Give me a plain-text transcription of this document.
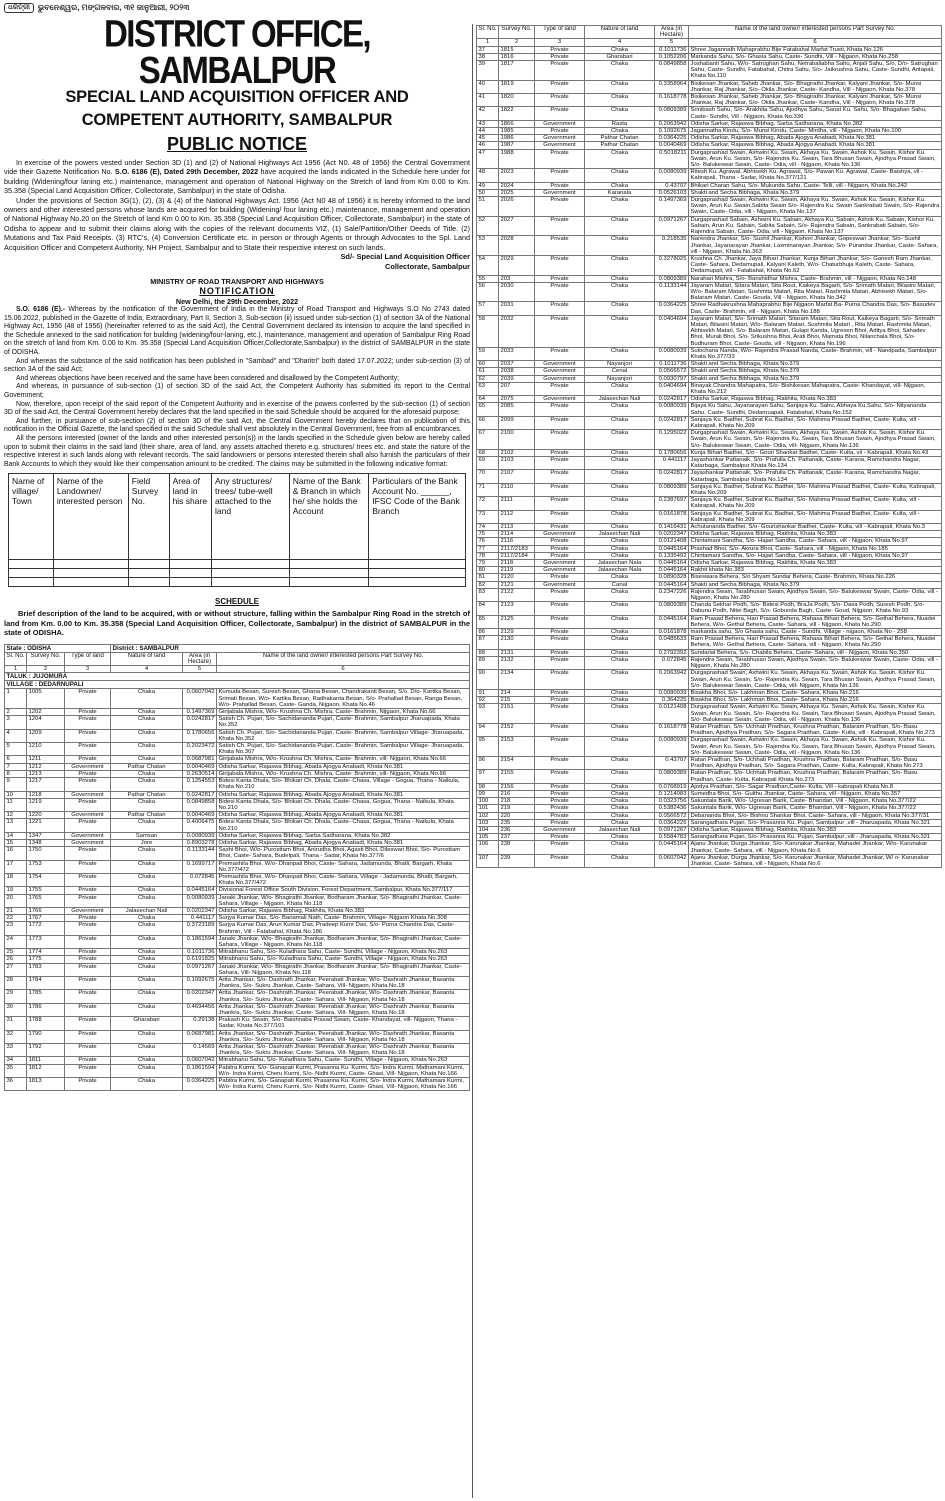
ଧରିତ୍ରୀ	ଭୁବନେଶ୍ୱର, ମଙ୍ଗଳବାର, ୩୧ ଜାନୁଆରୀ, ୨୦୨୩
DISTRICT OFFICE, SAMBALPUR
SPECIAL LAND ACQUISITION OFFICER AND
COMPETENT AUTHORITY, SAMBALPUR
PUBLIC NOTICE

In exercise of the powers vested under Section 3D (1) and (2) of National Highways Act 1956 (Act N0. 48 of 1956) the Central Government vide their Gazette Notification No. S.O. 6186 (E), Dated 29th December, 2022 have acquired the lands indicated in the Schedule here under for building (Widening/four laning etc.) maintenance, management and operation of National Highway on the Stretch of land from Km 0.00 to Km. 35.358 (Special Land Acquisition Officer, Collectorate, Sambalpur) in the state of Odisha.

Under the provisions of Section 3G(1), (2), (3) & (4) of the National Highways Act. 1956 (Act N0 48 of 1956) it is hereby informed to the land owners and other interested persons whose lands are acquired for building (Widening/ four laning etc.) maintenance, management and operation of National Highway No.20 on the Stretch of land Km 0.00 to Km. 35.358 (Special Land Acquisition Officer, Collectorate, Sambalpur) in the state of Odisha to appear and to submit their claims along with the copies of the relevant documents VIZ, (1) Sale/Partition/Other Deeds of Title. (2) Mutations and Tax Paid Receipts. (3) RTC's, (4) Conversion Certificate etc. in person or through Agents or through Advocates to the Spl. Land Acquisition Officer and Competent Authority, NH Project, Sambalpur and to State their respective interest on such lands.

Sd/- Special Land Acquisition Officer
Collectorate, Sambalpur
MINISTRY OF ROAD TRANSPORT AND HIGHWAYS
NOTIFICATION
New Delhi, the 29th December, 2022

S.O. 6186 (E).- Whereas by the notification of the Government of India in the Ministry of Road Transport and Highways S.O No 2743 dated 15.06.2022, published in the Gazette of India, Extraordinary, Part II, Section 3, Sub-section (ii) issued under sub-section (1) of section 3A of the National Highway Act, 1956 (48 of 1956) (hereinafter referred to as the said Act), the Central Government declared its intension to acquire the land specified in the Schedule annexed to the said notification for building (widening/four-laning, etc.), maintenance, management and operation of Sambalpur Ring Road on the stretch of land from Km. 0.00 to Km. 35.358 (Special Land Acquisition Officer,Collectorate,Sambalpur) in the district of SAMBALPUR in the state of ODISHA.

And whereas the substance of the said notification has been published in "Sambad" and "Dharitri" both dated 17.07.2022; under sub-section (3) of section 3A of the said Act;

And whereas objections have been received and the same have been considered and disallowed by the Competent Authority;

And whereas, in pursuance of sub-section (1) of section 3D of the said Act, the Competent Authority has submitted its report to the Central Government;

Now, therefore, upon receipt of the said report of the Competent Authority and in exercise of the powers conferred by the sub-section (1) of section 3D of the said Act, the Central Government hereby declares that the land specified in the said Schedule should be acquired for the aforesaid purpose;

And further, in pursuance of sub-section (2) of section 3D of the said Act, the Central Government hereby declares that on publication of this notification in the Official Gazette, the land specified in the said Schedule shall vest absolutely in the Central Government, free from all encumbrances.

All the persons interested (owner of the lands and other interested person(s)) in the lands specified in the Schedule given below are hereby called upon to submit their claims in the said land (their share, area of land, any assets attached thereto e.g. structures/ trees etc. and state the nature of the respective interest in such lands along with relevant records. The said landowners or persons interested therein shall also furnish the particulars of their Bank Accounts to which they would like their compensation amount to be credited. The claims may be submitted in the following indicative format:

Name of village/ Town	Name of the Landowner/ interested person	Field Survey No.	Area of land in his share	Any structures/ trees/ tube-well attached to the land	Name of the Bank & Branch in which he/ she holds the Account	Particulars of the Bank Account No. ______, IFSC Code of the Bank Branch

SCHEDULE

Brief description of the land to be acquired, with or without structure, falling within the Sambalpur Ring Road in the stretch of land from Km. 0.00 to Km. 35.358 (Special Land Acquisition Officer, Collectorate, Sambalpur) in the district of SAMBALPUR in the state of ODISHA.

State : ODISHA			District : SAMBALPUR		
Sl. No.	Survey No.	Type of land	Nature of land	Area (in Hectare)	Name of the land owner/ interested persons Part Survey No.
1	2	3	4	5	6
TALUK : JUJOMURA					
VILLAGE : DEDARNUPALI					
1	1005	Private	Chaka	0.0607042	Kumuda Besan, Suresh Besan, Ghana Besan, Chandrakanti Besan, S/o. D/o- Kartika Besan, Srimati Besan, W/o- Kartika Besan, Radhakanta Besan, S/o- Prahallad Besan, Ranga Besan, W/o- Prahallad Besan, Caste- Ganda, Nijgaon, Khata No.46
2	1202	Private	Chaka	0.1497369	Girijabala Mishra, W/o- Krushna Ch. Mishra, Caste- Brahmin, Nijgaon, Khata No.66
3	1204	Private	Chaka	0.0242817	Satish Ch. Pujari, S/o- Sachidananda Pujari, Caste- Brahmin, Sambalpur Jharuapada, Khata No.352
4	1209	Private	Chaka	0.1780656	Satish Ch. Pujari, S/o- Sachidananda Pujari, Caste- Brahmin, Sambalpur Village- Jharuapada, Khata No.352
5	1210	Private	Chaka	0.2023472	Satish Ch. Pujari, S/o- Sachidananda Pujari, Caste- Brahmin, Sambalpur Village- Jharuapada, Khata No.307
6	1211	Private	Chaka	0.0687981	Girijabala Mishra, W/o- Krushna Ch. Mishra, Caste- Brahmin, vill- Nijgaon, Khata No.66
7	1212	Government	Pathar Chatan	0.0040469	Odisha Sarkar, Rajaswa Bibhag, Abada Ajogya Anabadi, Khata No.381
8	1213	Private	Chaka	0.2630514	Girijabala Mishra, W/o- Krushna Ch. Mishra, Caste- Brahmin, vill- Nijgaon, Khata No.66
9	1217	Private	Chaka	0.1254553	Bidesi Kanta Dhala, S/o- Bhikari Ch. Dhala, Caste- Chasa, Village - Gogua, Thana - Naikula, Khata No.210
10	1218	Government	Pathar Chatan	0.0242817	Odisha Sarkar, Rajaswa Bibhag, Abada Ajogya Anabadi, Khata No.381
11	1219	Private	Chaka	0.0849858	Bidesi Kanta Dhala, S/o- Bhikari Ch. Dhala, Caste- Chasa, Gogua, Thana - Naikula, Khata No.210
12	1220	Government	Pathar Chatan	0.0040469	Odisha Sarkar, Rajaswa Bibhag, Abada Ajogya Anabadi, Khata No.381
13	1221	Private	Chaka	0.4006475	Bidesi Kanta Dhala, S/o- Bhikari Ch. Dhala, Caste- Chasa, Gogua, Thana - Naikula, Khata No.210
14	1347	Government	Samsan	0.0080939	Odisha Sarkar, Rajaswa Bibhag, Sarba Sadharana, Khata No.382
15	1348	Government	Jore	0.8903278	Odisha Sarkar, Rajaswa Bibhag, Abada Ajogya Anabadi, Khata No.381
16	1750	Private	Chaka	0.1133144	Sashi Bhoi, W/o- Purosttam Bhoi, Anirudha Bhoi, Agasti Bhoi, Dileswari Bhoi, S/o- Purosttam Bhoi, Caste- Sahara, Budelpali, Thana - Sadar, Khata No.377/6
17	1753	Private	Chaka	0.1699717	Premashila Bhoi, W/o- Dhanpati Bhoi, Caste- Sahara, Jadamunda, Bhatli, Bargarh, Khata No.377/472
18	1754	Private	Chaka	0.072845	Premashila Bhoi, W/o- Dhanpati Bhoi, Caste- Sahara, Village - Jadamunda, Bhatli, Bargarh, Khata No.377/472
19	1755	Private	Chaka	0.0445164	Divisional Forest Office South Division, Forest Department, Sambalpur, Khata No.377/117
20	1765	Private	Chaka	0.0080939	Janaki Jhankar, W/o- Bhagirathi Jhankar, Bodharam Jhankar, S/o- Bhagirathi Jhankar, Caste- Sahara, Village - Nijgaon, Khata No.118
21	1766	Government	Jalasechan Nali	0.0202347	Odisha Sarkar, Rajaswa Bibhag, Rakhita, Khata No.383
22	1767	Private	Chaka	0.441117	Surjya Kumar Das, S/o- Banamali Nath, Caste- Brahmin, Village- Nijgaon Khata No.308
23	1772	Private	Chaka	0.3723189	Surjya Kumar Das, Arun Kumar Das, Pradeep Kumr Das, S/o- Purna Chandra Das, Caste- Brahmin, Vill - Fatabahal, Khata No.186
24	1773	Private	Chaka	0.1861594	Janaki Jhankar, W/o- Bhagirathi Jhankar, Bodharam Jhankar, S/o- Bhagirathi Jhankar, Caste- Sahara, Village - Nijgaon, Khata No.118
25	1774	Private	Chaka	0.1011736	Mitrabhanu Sahu, S/o- Kuladhara Sahu, Caste- Sundhi, Village - Nijgaon, Khata No.263
26	1775	Private	Chaka	0.6191825	Mitrabhanu Sahu, S/o- Kuladhara Sahu, Caste- Sundhi, Village - Nijgaon, Khata No.263
27	1783	Private	Chaka	0.0971267	Janaki Jhankar, W/o- Bhagirathi Jhankar, Bodharam Jhankar, S/o- Bhagirathi Jhankar, Caste- Sahara, Vill- Nijgaon, Khata No.118
28	1784	Private	Chaka	0.1092675	Artta Jhankar, S/o- Dashrath Jhankar, Peerabati Jhankar, W/o- Dashrath Jhankar, Basanta Jhankra, S/o- Sukru Jhankar, Caste- Sahara, Vill- Nijgaon, Khata No.18
29	1785	Private	Chaka	0.0202347	Artta Jhankar, S/o- Dashrath Jhankar, Peerabati Jhankar, W/o- Dashrath Jhankar, Basanta Jhankra, S/o- Sukru Jhankar, Caste- Sahara, Vill- Nijgaon, Khata No.18
30	1786	Private	Chaka	0.4694456	Artta Jhankar, S/o- Dashrath Jhankar, Peerabati Jhankar, W/o- Dashrath Jhankar, Basanta Jhankra, S/o- Sukru Jhankar, Caste- Sahara, Vill- Nijgaon, Khata No.18
31	1788	Private	Gharabari	0.29138	Prakash Ku. Swain, S/o- Baishnaba Prasad Swain, Caste- Khandayat, vill- Nijgaon, Thana - Sadar, Khata No.377/101
32	1790	Private	Chaka	0.0687981	Artta Jhankar, S/o- Dashrath Jhankar, Peerabati Jhankar, W/o- Dashrath Jhankar, Basanta Jhankra, S/o- Sukru Jhankar, Caste- Sahara, Vill- Nijgaon, Khata No.18
33	1792	Private	Chaka	0.14569	Artta Jhankar, S/o- Dashrath Jhankar, Peerabati Jhankar, W/o- Dashrath Jhankar, Basanta Jhankra, S/o- Sukru Jhankar, Caste- Sahara, Vill- Nijgaon, Khata No.18
34	1811	Private	Chaka	0.0607042	Mitrabhanu Sahu, S/o- Kuladhara Sahu, Caste- Sundhi, Village - Nijgaon, Khata No.263
35	1812	Private	Chaka	0.1861594	Pabitra Kurmi, S/o- Ganapati Kurmi, Prasanna Ku. Kurmi, S/o- Indra Kurmi, Mathamani Kurmi, W/o- Indra Kurmi, Cheru Kurmi, S/o- Nidhi Kurmi, Caste- Ghasi, Vill- Nijgaon, Khata No.166
36	1813	Private	Chaka	0.0364225	Pabitra Kurmi, S/o- Ganapati Kurmi, Prasanna Ku. Kurmi, S/o- Indra Kurmi, Mathamani Kurmi, W/o- Indra Kurmi, Cheru Kurmi, S/o- Nidhi Kurmi, Caste- Ghasi, Vill- Nijgaon, Khata No.166
Sl. No.	Survey No.	Type of land	Nature of land	Area (in Hectare)	Name of the land owner/ interested persons Part Survey No.
1	2	3	4	5	6
37	1815	Private	Chaka	0.1011736	Shree Jagannath Mahaprabhu Bije Fatabahal Marfat Trusti, Khata No.126
38	1816	Private	Gharabari	0.1052206	Markanda Sahu, S/o- Ghasia Sahu, Caste- Sundhi, Vill - Nijgaon, Khata No.258
39	1817	Private	Chaka	0.0849858	Joshabanti Sahu, W/o- Satrughan Sahu, Netrabaliabha Sahu, Anjali Sahu, S/o, D/o- Satrughan Sahu, Caste- Sundhi, Fatabahal, Chitra Sahu, S/o- Jaikrushna Sahu, Caste- Sundhi, Antapali, Khata No.110
40	1819	Private	Chaka	0.3358964	Bisikesan Jhankar, Saheb Jhankar, S/o- Bhagirathi Jhankar, Kalyani Jhankar, S/o- Munsi Jhankar, Raj Jhankar, S/o- Okila Jhankar, Caste- Kandha, Vill - Nijgaon, Khata No.378
41	1820	Private	Chaka	0.1618778	Bisikesan Jhankar, Saheb Jhankar, S/o- Bhagirathi Jhankar, Kalyani Jhankar, S/o- Munsi Jhankar, Raj Jhankar, S/o- Okila Jhankar, Caste- Kandha, Vill - Nijgaon, Khata No.378
42	1822	Private	Chaka	0.0809389	Srinibash Sahu, S/o- Arakhita Sahu, Ajodhya Sahu, Sanat Ku. Sahu, S/o- Bhagaban Sahu, Caste- Sundhi, Vill - Nijgaon, Khata No.336
43	1866	Government	Rasta	0.2063942	Odisha Sarkar, Rajaswa Bibhag, Sarba Sadharana, Khata No.382
44	1985	Private	Chaka	0.1092675	Jagannatha Kindu, S/o- Munsi Kindu, Caste- Mirdha, vill - Nijgaon, Khata No.100
45	1986	Government	Pathar Chatan	0.0364225	Odisha Sarkar, Rajaswa Bibhag, Abada Ajogya Anabadi, Khata No.381
46	1987	Government	Pathar Chatan	0.0040469	Odisha Sarkar, Rajaswa Bibhag, Abada Ajogya Anabadi, Khata No.381
47	1988	Private	Chaka	0.5018211	Durgaprashad Swain, Ashwini Ku. Swain, Akhaya Ku. Swain, Ashok Ku. Swain, Kishor Ku. Swain, Arun Ku. Swain, S/o- Rajendra Ku. Swain, Tara Bhusan Swain, Ajodhya Prasad Swain, S/o- Balukeswar Swain, Caste- Odia, vill - Nijgaon, Khata No.136
48	2023	Private	Chaka	0.0080939	Ritesh Ku. Agrawal, Abhisekh Ku. Agrawal, S/o- Pawan Ku. Agrawal, Caste- Baishya, vil - Kabrapali, Thana - Sadar, Khata No.377/121
49	2024	Private	Chaka	0.43707	Bhikari Charan Sahu, S/o- Mukunda Sahu, Caste- Telli, vill - Nijgaon, Khata No.242
50	2025	Government	Karanala	0.0526103	Shakti and Secha Bibhaga, Khata No.379
51	2026	Private	Chaka	0.1497369	Durgaprashad Swain, Ashwini Ku. Swain, Akhaya Ku. Swain, Ashok Ku. Swain, Kishor Ku. Swain, Arun Ku. Swain,Sabita Swain S/o- Rajendra Ku. Swain Sankrabati Swain, S/o- Rajendra Swain, Caste- Odia, vill - Nijgaon, Khata No.137
52	2027	Private	Chaka	0.0971267	Durgaprashad Sabain, Ashwini Ku. Sabain, Akhaya Ku. Sabain, Ashok Ku. Sabain, Kishor Ku. Sabain, Arun Ku. Sabain, Sabita Sabain, S/o- Rajendra Sabain, Sankrabati Sabain, S/o- Rajendra Sabain, Caste- Odia, vill - Nijgaon, Khata No.137
53	2028	Private	Chaka	0.218535	Narendra Jhankar, S/o- Sushil Jhankar, Kishori Jhankar, Gopeswari Jhankar, S/o- Sushil Jhankar, Jayanarayan Jhankar, Laxminarayan Jhankar, S/o- Purandar Jhankar, Caste- Sahara, vill - Nijgaon, Khata No.363
54	2029	Private	Chaka	0.3278025	Krushna Ch. Jhankar, Jaya Bihari Jhankar, Kunja Bihari Jhankar, S/o- Ganesh Ram Jhankar, Caste- Sahara, Dedamupali, Kalyani Kaleth, W/o- Chaturbhuja Kaleth, Caste- Sahara, Dedamupali, vill - Fatabahal, Khata No.62
55	203	Private	Chaka	0.0809389	Narahari Mishra, S/o- Banshidhar Mishra, Caste- Brahmin, vill - Nijgaon, Khata No.148
56	2030	Private	Chaka	0.1133144	Jayaram Matari, Sitara Matari, Sita Rout, Kaikeya Bagarti, S/o- Srimath Matari, Bilasini Matari, W/o- Balaram Matari, Sushmita Matari, Rita Matari, Rashmita Matari, Abhisekh Matari, S/o- Balaram Matari, Caste- Gouda, Vill - Nijgaon, Khata No.342
57	2031	Private	Chaka	0.0364225	Shree Radhakrushna Mahaprabhu Bije Nijgaon Marfat Ba- Purna Chandra Das, S/o- Basudev Das, Caste- Brahmin, vill - Nijgaon, Khata No.188
58	2032	Private	Chaka	0.0404694	Jayaram Matari, S/o- Srimath Matari, Sitaram Matari, Sita Rout, Kaikeya Bagarti, S/o- Srimath Matari, Bilasini Matari, W/o- Balaram Matari, Sushmita Matari , Rita Matari, Rashmita Matari, Abhisekh Matari, S/o- Balaram Matari, Gulapi Kanda, Ugresen Bhoi, Aditya Bhoi, Sahadev Bhoi, Murali Bhoi, S/o- Srikushna Bhoi, Arati Bhoi, Mamata Bhoi, Nilanchala Bhoi, S/o- Budhuram Bhoi, Caste- Gouda, vill - Nijgaon, Khata No.196
59	2033	Private	Chaka	0.0080939	Sulochana Nanda, W/o- Rajendra Prasad Nanda, Caste- Brahmin, vill - Nandpada, Sambalpur Khata No.377/33
60	2037	Government	Nayanjori	0.1011736	Shakti and Secha Bibhaga, Khata No.379
61	2038	Government	Cenal	0.0566572	Shakti and Secha Bibhaga, Khata No.379
62	2039	Government	Nayanjori	0.0930797	Shakti and Secha Bibhaga, Khata No.379
63	207	Private	Chaka	0.0404694	Binayak Chandra Mahapatra, S/o- Bishikesan Mahapatra, Caste- Khandayat, vill- Nijgaon, Khata No.212
64	2075	Government	Jalasechan Nali	0.0242817	Odisha Sarkar, Rajaswa Bibhag, Rakhita, Khata No.383
65	2085	Private	Chaka	0.0080939	Bijaya Ku Sahu, Jayanarayan Sahu, Sanjaya Ku. Sahu, Abhaya Ku.Sahu, S/o- Nityananda Sahu, Caste- Sundhi, Dedarnuapali, Fatabahal, Khata No.152
66	2099	Private	Chaka	0.0242817	Sanjaya Ku. Badhei, Subrat Ku. Badhei, S/o- Mahima Prasad Badhei, Caste- Kulta, vill - Kabrapali, Khata No.209
67	2100	Private	Chaka	0.1295022	Durgaprashad Swain, Ashwini Ku. Swain, Akhaya Ku. Swain, Ashok Ku. Swain, Kishor Ku. Swain, Arun Ku. Swain, S/o- Rajendra Ku. Swain, Tara Bhusan Swain, Ajodhya Prasad Swain, S/o- Balukeswar Swain, Caste- Odia, vill- Nijgaon, Khata No.136
68	2102	Private	Chaka	0.1780656	Kunja Bihari Badhei, S/o - Gouri Shankar Badhei, Caste- Kulta, vil - Kabrapali, Khata No.43
69	2103	Private	Chaka	0.441117	Jayashankar Pattanaik, S/o- Prafulla Ch. Pattanaik, Caste- Karana, Ramchandra Nagar, Katarbaga, Sambalpur Khata No.134
70	2107	Private	Chaka	0.0242817	Jayashankar Pattanaik, S/o- Prafulla Ch. Pattanaik, Caste- Karana, Ramchandra Nagar, Katarbaga, Sambalpur Khata No.134
71	2110	Private	Chaka	0.0809389	Sanjaya Ku. Badhei, Subrat Ku. Badhei, S/o- Mahima Prasad Badhei, Caste- Kulta, Kabrapali, Khata No.209
72	2111	Private	Chaka	0.2387697	Sanjaya Ku. Badhei, Subrat Ku. Badhei, S/o- Mahima Prasad Badhei, Caste- Kulta, vill - Kabrapali, Khata No.209
73	2112	Private	Chaka	0.0161878	Sanjaya Ku. Badhei, Subrat Ku. Badhei, S/o- Mahima Prasad Badhei, Caste- Kulta, vill - Kabrapali, Khata No.209
74	2113	Private	Chaka	0.1416431	Achutananda Badhei, S/o- Gourishankar Badhei, Caste- Kulta, vill - Kabrapali, Khata No.3
75	2114	Government	Jalasechan Nali	0.0202347	Odisha Sarkar, Rajaswa Bibhag, Rakhita, Khata No.383
76	2116	Private	Chaka	0.0121408	Chintamani Sandha, S/o- Hajari Sandha, Caste- Sahara, vill - Nijgaon, Khata No.97
77	2117/2183	Private	Chaka	0.0445164	Prashad Bhoi, S/o- Akrura Bhoi, Caste- Sahara, vill - Nijgaon, Khata No.185
78	2117/2184	Private	Chaka	0.1335492	Chintamani Sandha, S/o- Hajari Sandha, Caste- Sahara, vill - Nijgaon, Khata No.97
79	2118	Government	Jalasechan Nala	0.0445164	Odisha Sarkar, Rajaswa Bibhag, Rakhita, Khata No.383
80	2119	Government	Jalasechan Nala	0.0445164	Rakhit khata No.383
81	2120	Private	Chaka	0.0890328	Biseswara Behera, S/o Shyam Sundar Behera, Caste- Brahmin, Khata No.226
82	2121	Government	Canal	0.0445164	Shakti and Secha Bibhaga, Khata No.379
83	2122	Private	Chaka	0.2347226	Rajendra Swain, Tarabhusan Swain, Ajodhya Swain, S/o- Balukeswar Swain, Caste- Odia, vill - Nijgaon, Khata No.280
84	2123	Private	Chaka	0.0809389	Chanda Sekhar Podh, S/o- Bidesi Podh, BraJa Podh, S/o- Dasa Podh, Suresh Podh, S/o- Dabunu Podh, Nitei Bagh, S/o- Gobunda Bagh, Caste- Goud, Nijgaon, Khata No.93
85	2125	Private	Chaka	0.0445164	Ram Prasad Behera, Hari Prasad Behera, Rahasa Bihari Behera, S/o- Gethal Behera, Nuadei Behera, W/o- Gethal Behera, Caste- Sahara, vill - Nijgaon, Khata No.290
86	2129	Private	Chaka	0.0161878	markanda sahu, S/o Ghasia sahu, Caste - Sundhi, Village - nigaon, Khata No - 258
87	2130	Private	Chaka	0.0485633	Ram Prasad Behera, Hari Prasad Behera, Rahasa Bihari Behera, S/o- Gethal Behera, Nuadei Behera, W/o- Gethal Behera, Caste- Sahara, vill - Nijgaon, Khata No.290
88	2131	Private	Chaka	0.2792392	Sundarlal Behera, S/o- Chabila Behera, Caste- Sahara, vill - Nijgaon, Khata No.350
89	2132	Private	Chaka	0.072845	Rajendra Swain, Tarabhusan Swain, Ajodhya Swain, S/o- Balukeswar Swain, Caste- Odia, vill - Nijgaon, Khata No.280
90	2134	Private	Chaka	0.2063942	Durgaprashad Swain, Ashwini Ku. Swain, Akhaya Ku. Swain, Ashok Ku. Swain, Kishor Ku. Swain, Arun Ku. Swain, S/o- Rajendra Ku. Swain, Tara Bhusan Swain, Ajodhya Prasad Swain, S/o- Balukeswar Swain, Caste- Odia, vill- Nijgaon, Khata No.136
91	214	Private	Chaka	0.0080939	Bisakha Bhoi, S/o- Lakhman Bhoi, Caste- Sahara, Khata No.216
92	215	Private	Chaka	0.364225	Bisakha Bhoi, S/o- Lakhman Bhoi, Caste- Sahara, Khata No.216
93	2151	Private	Chaka	0.0121408	Durgaprashad Swain, Ashwini Ku. Swain, Akhaya Ku. Swain, Ashok Ku. Swain, Kishor Ku. Swain, Arun Ku. Swain, S/o- Rajendra Ku. Swain, Tara Bhusan Swain, Ajodhya Prasad Swain, S/o- Balukeswar Swain, Caste- Odia, vill - Nijgaon, Khata No.136
94	2152	Private	Chaka	0.1618778	Ratan Pradhan, S/o- Uchhab Pradhan, Krushna Pradhan, Balaram Pradhan, S/o- Basu Pradhan, Ajodhya Pradhan, S/o- Sagara Pradhan, Caste- Kulta, vill - Kabrapali, Khata No.273
95	2153	Private	Chaka	0.0080939	Durgaprashad Swain, Ashwini Ku. Swain, Akhaya Ku. Swain, Ashok Ku. Swain, Kishor Ku. Swain, Arun Ku. Swain, S/o- Rajendra Ku. Swain, Tara Bhusan Swain, Ajodhya Prasad Swain, S/o- Balukeswar Swain, Caste- Odia, vill - Nijgaon, Khata No.136
96	2154	Private	Chaka	0.43707	Ratan Pradhan, S/o- Uchhab Pradhan, Krushna Pradhan, Balaram Pradhan, S/o- Basu Pradhan, Ajodhya Pradhan, S/o- Sagara Pradhan, Caste- Kulta, Kabrapali, Khata No.273
97	2155	Private	Chaka	0.0809389	Ratan Pradhan, S/o- Uchhab Pradhan, Krushna Pradhan, Balaram Pradhan, S/o- Basu Pradhan, Caste- Kulta, Kabrapali Khata No.273
98	2156	Private	Chaka	0.0768919	Ajodya Pradhan, S/o- Sagar Pradhan,Caste- Kulta, Vill - kabrapali Khata No.8
99	216	Private	Chaka	0.1214083	Sumedha Bhoi, S/o- Gulthu Jhankar, Caste- Sahara, vill - Nijgaon, Khata No.357
100	218	Private	Chaka	0.0323756	Sakuntala Barik, W/o- Ugresan Barik, Caste- Bhandari, Vill - Nijgaon, Khata No.377/22
101	219	Private	Chaka	0.5382436	Sakuntala Barik, W/o- Ugresan Barik, Caste- Bhandari, Vill - Nijgaon, Khata No.377/22
102	220	Private	Chaka	0.0566572	Debananda Bhoi, S/o- Bishnu Shankar Bhoi, Caste- Sahara, vill - Nijgaon, Khata No.377/31
103	235	Private	Chaka	0.0364225	Sarangadhara Pujari, S/o- Prasanna Ku. Pujari, Sambalpur ,vill - Jharuapada, Khata No.321
104	236	Government	Jalasechan Nali	0.0971267	Odisha Sarkar, Rajaswa Bibhag, Rakhita, Khata No.383
105	237	Private	Chaka	0.5584783	Sarangadhara Pujari, S/o- Prasanna Ku. Pujari, Sambalpur ,vill - Jharuapada, Khata No.321
106	238	Private	Chaka	0.0445164	Ajanu Jhankar, Durga Jhankar, S/o- Karunakar Jhankar, Mahadei Jhankar, W/o- Karunakar Jhankar, Caste- Sahara, vill - Nijgaon, Khata No.6
107	239	Private	Chaka	0.0607042	Ajanu Jhankar, Durga Jhankar, S/o- Karunakar Jhankar, Mahadei Jhankar, W/ o- Karunakar Jhankar, Caste- Sahara, vill - Nijgaon, Khata No.6
